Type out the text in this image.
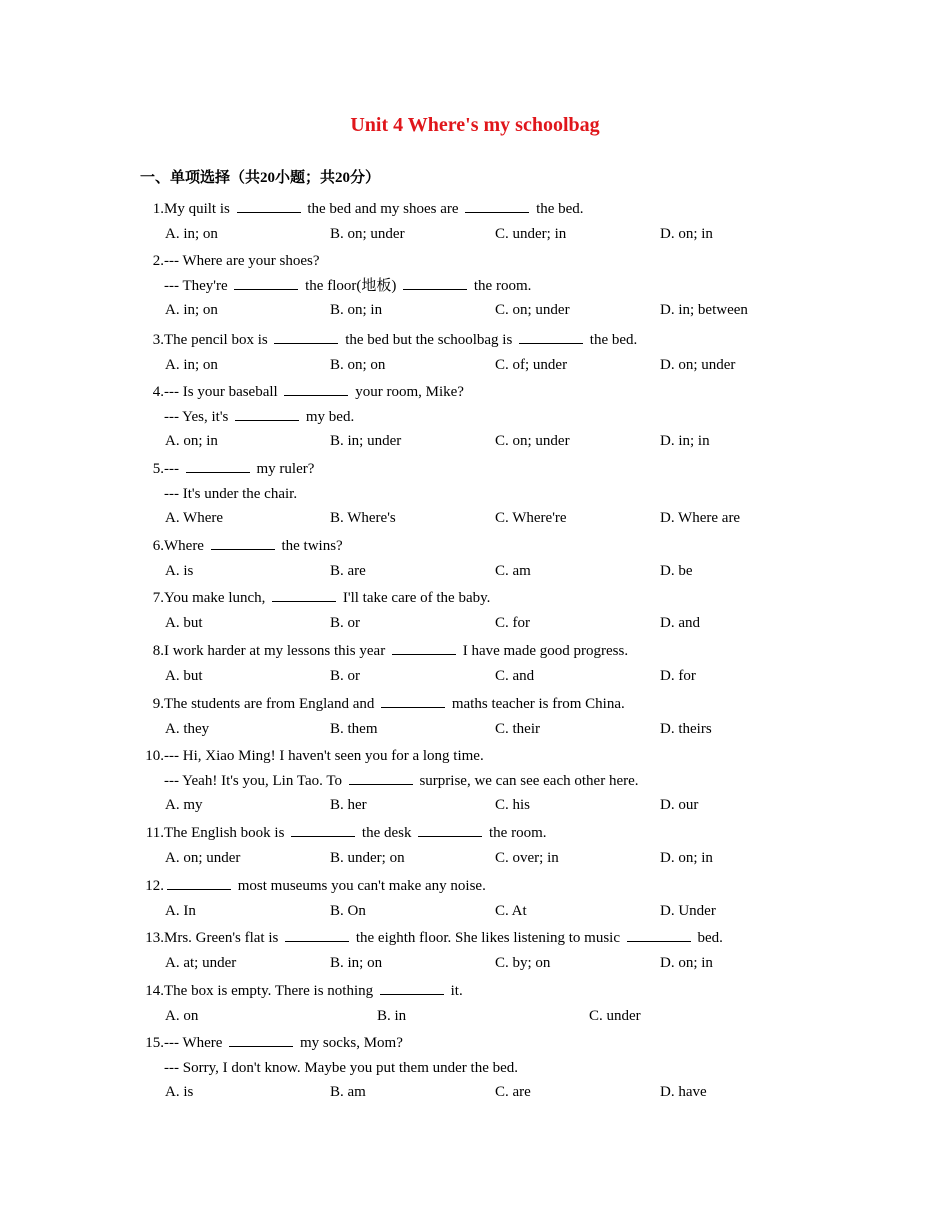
Unit 4 Where's my schoolbag
一、单项选择（共20小题；共20分）
1. My quilt is	the bed and my shoes are	the bed.
A. in; on	B. on; under	C. under; in	D. on; in
2. --- Where are your shoes?
--- They're	the floor(地板)	the room.
A. in; on	B. on; in	C. on; under	D. in; between
3. The pencil box is	the bed but the schoolbag is	the bed.
A. in; on	B. on; on	C. of; under	D. on; under
4. --- Is your baseball	your room, Mike?
--- Yes, it's	my bed.
A. on; in	B. in; under	C. on; under	D. in; in
5. ---	my ruler?
--- It's under the chair.
A. Where	B. Where's	C. Where're	D. Where are
6. Where	the twins?
A. is	B. are	C. am	D. be
7. You make lunch,	I'll take care of the baby.
A. but	B. or	C. for	D. and
8. I work harder at my lessons this year	I have made good progress.
A. but	B. or	C. and	D. for
9. The students are from England and	maths teacher is from China.
A. they	B. them	C. their	D. theirs
10. --- Hi, Xiao Ming! I haven't seen you for a long time.
--- Yeah! It's you, Lin Tao. To	surprise, we can see each other here.
A. my	B. her	C. his	D. our
11. The English book is	the desk	the room.
A. on; under	B. under; on	C. over; in	D. on; in
12.	most museums you can't make any noise.
A. In	B. On	C. At	D. Under
13. Mrs. Green's flat is	the eighth floor. She likes listening to music	bed.
A. at; under	B. in; on	C. by; on	D. on; in
14. The box is empty. There is nothing	it.
A. on	B. in	C. under
15. --- Where	my socks, Mom?
--- Sorry, I don't know. Maybe you put them under the bed.
A. is	B. am	C. are	D. have
